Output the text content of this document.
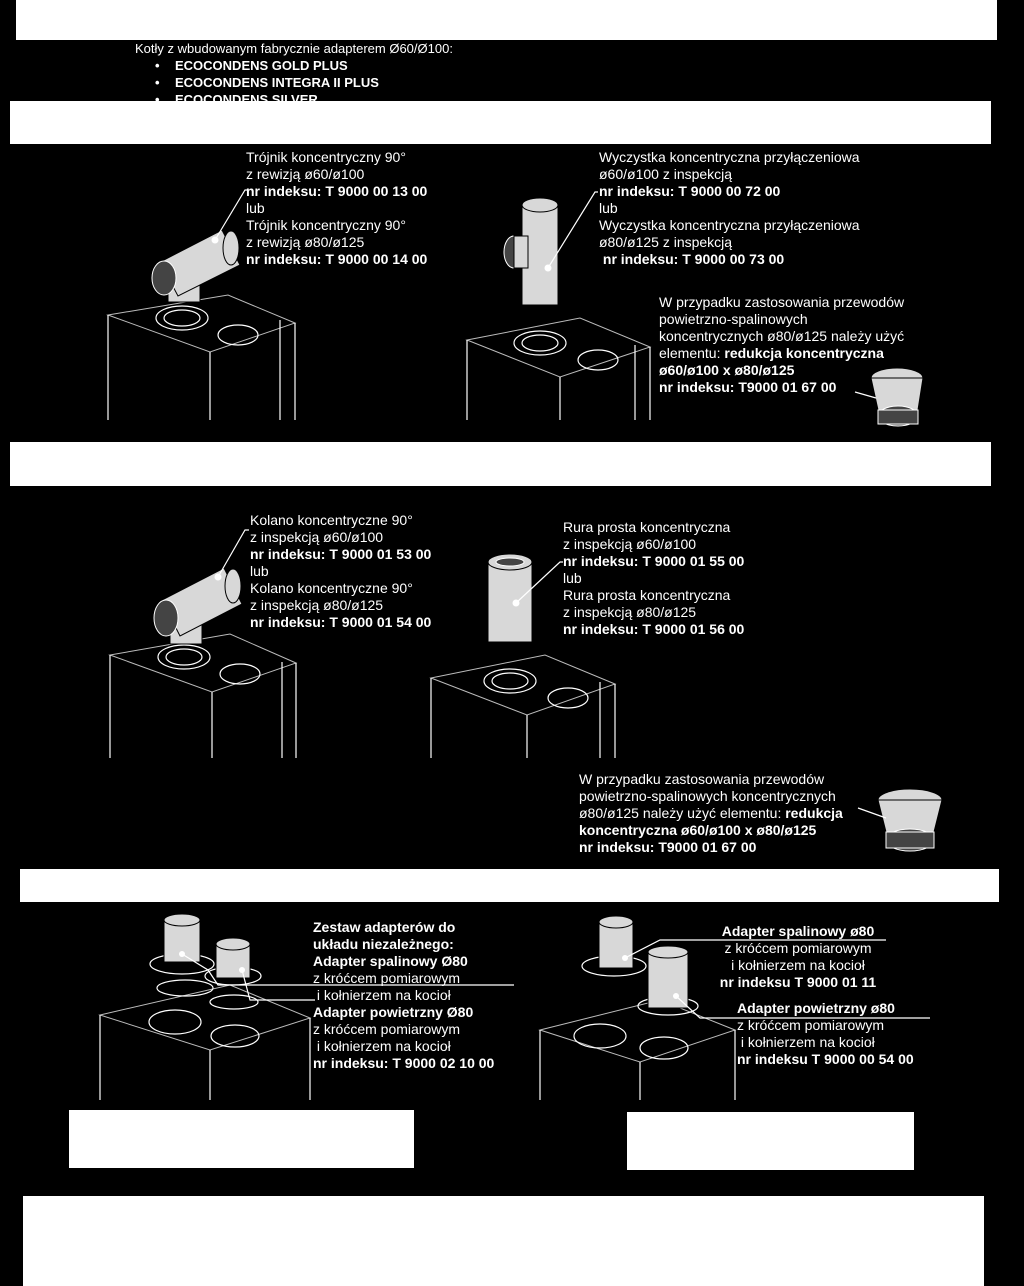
Kotły z wbudowanym fabrycznie adapterem Ø60/Ø100:
• ECOCONDENS GOLD PLUS
• ECOCONDENS INTEGRA II PLUS
• ECOCONDENS SILVER
Trójnik koncentryczny 90°
z rewizją ø60/ø100
nr indeksu: T 9000 00 13 00
lub
Trójnik koncentryczny 90°
z rewizją ø80/ø125
nr indeksu: T 9000 00 14 00
Wyczystka koncentryczna przyłączeniowa
ø60/ø100 z inspekcją
nr indeksu: T 9000 00 72 00
lub
Wyczystka koncentryczna przyłączeniowa
ø80/ø125 z inspekcją
nr indeksu: T 9000 00 73 00
W przypadku zastosowania przewodów
powietrzno-spalinowych
koncentrycznych ø80/ø125 należy użyć
elementu: redukcja koncentryczna
ø60/ø100 x ø80/ø125
nr indeksu: T9000 01 67 00
Kolano koncentryczne 90°
z inspekcją ø60/ø100
nr indeksu: T 9000 01 53 00
lub
Kolano koncentryczne 90°
z inspekcją ø80/ø125
nr indeksu: T 9000 01 54 00
Rura prosta koncentryczna
z inspekcją ø60/ø100
nr indeksu: T 9000 01 55 00
lub
Rura prosta koncentryczna
z inspekcją ø80/ø125
nr indeksu: T 9000 01 56 00
W przypadku zastosowania przewodów
powietrzno-spalinowych koncentrycznych
ø80/ø125 należy użyć elementu: redukcja
koncentryczna ø60/ø100 x ø80/ø125
nr indeksu: T9000 01 67 00
Zestaw adapterów do
układu niezależnego:
Adapter spalinowy Ø80
z króćcem pomiarowym
i kołnierzem na kocioł
Adapter powietrzny Ø80
z króćcem pomiarowym
i kołnierzem na kocioł
nr indeksu: T 9000 02 10 00
Adapter spalinowy ø80
z króćcem pomiarowym
i kołnierzem na kocioł
nr indeksu T 9000 01 11
Adapter powietrzny ø80
z króćcem pomiarowym
i kołnierzem na kocioł
nr indeksu T 9000 00 54 00
